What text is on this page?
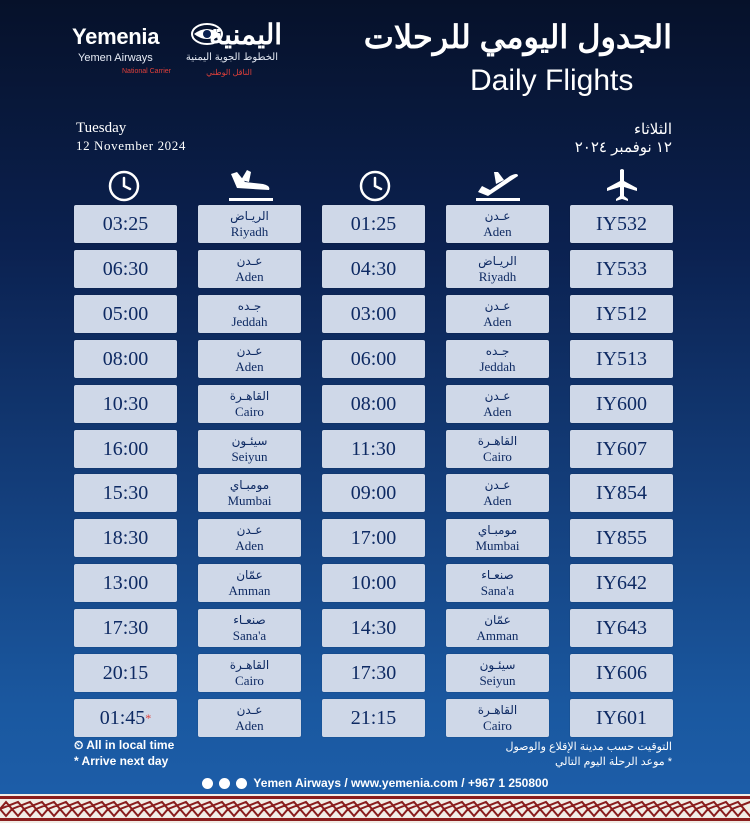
Yemenia اليمنية
Yemen Airways	الخطوط الجوية اليمنية
National Carrier	الناقل الوطني
الجدول اليومي للرحلات
Daily Flights
Tuesday
12 November 2024
الثلاثاء
١٢ نوفمبر ٢٠٢٤
IY532
عـدن
Aden
01:25
الريـاض
Riyadh
03:25
IY533
الريـاض
Riyadh
04:30
عـدن
Aden
06:30
IY512
عـدن
Aden
03:00
جـده
Jeddah
05:00
IY513
جـده
Jeddah
06:00
عـدن
Aden
08:00
IY600
عـدن
Aden
08:00
القاهـرة
Cairo
10:30
IY607
القاهـرة
Cairo
11:30
سيئـون
Seiyun
16:00
IY854
عـدن
Aden
09:00
مومبـاي
Mumbai
15:30
IY855
مومبـاي
Mumbai
17:00
عـدن
Aden
18:30
IY642
صنعـاء
Sana'a
10:00
عمّان
Amman
13:00
IY643
عمّان
Amman
14:30
صنعـاء
Sana'a
17:30
IY606
سيئـون
Seiyun
17:30
القاهـرة
Cairo
20:15
IY601
القاهـرة
Cairo
21:15
عـدن
Aden
01:45*
⏲ All in local time
* Arrive next day
التوقيت حسب مدينة الإقلاع والوصول
* موعد الرحلة اليوم التالي
Yemen Airways / www.yemenia.com / +967 1 250800
